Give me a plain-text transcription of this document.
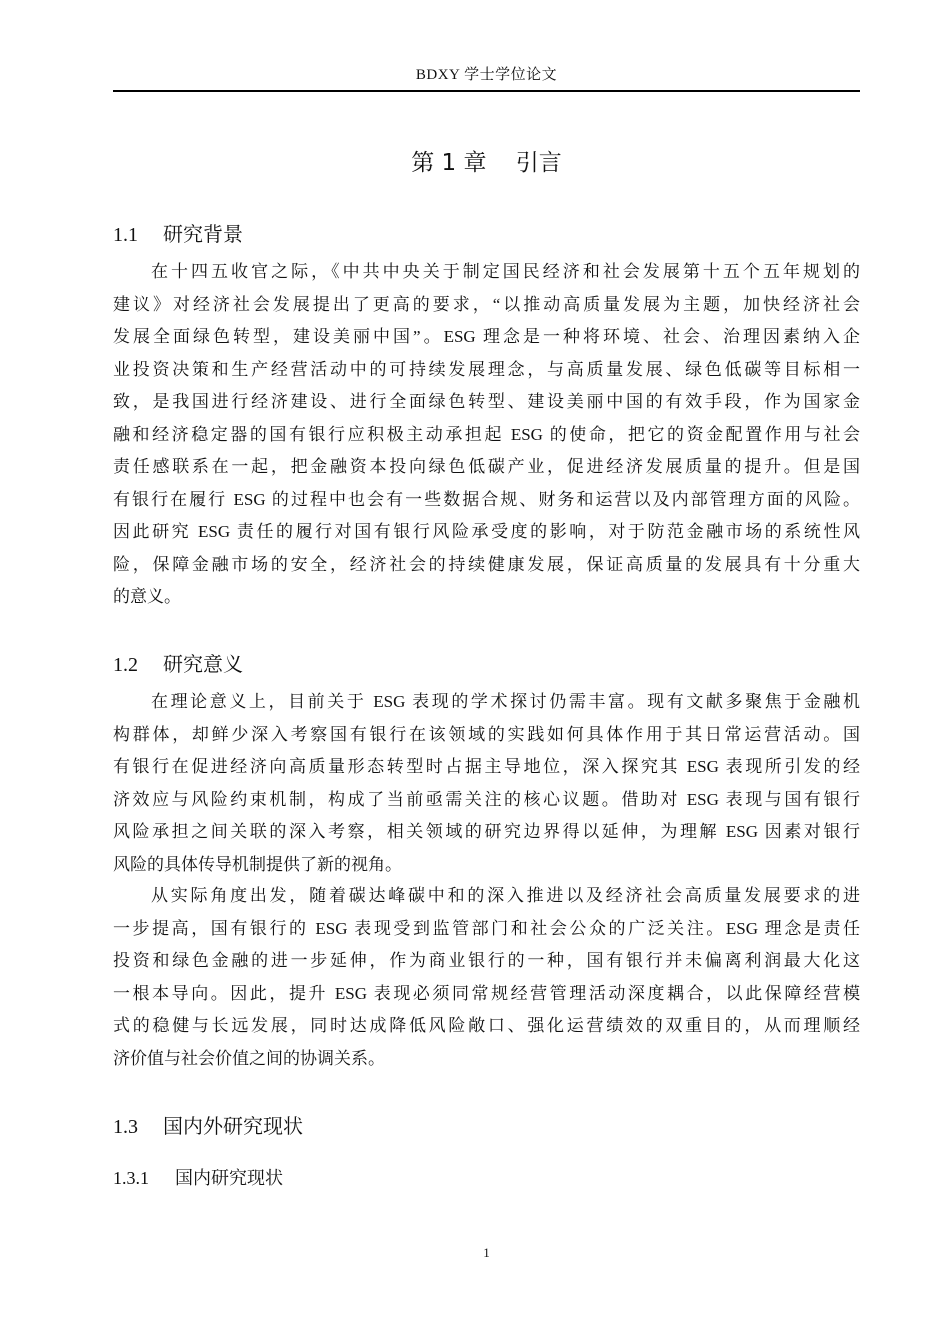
BDXY 学士学位论文
第 1 章    引言
1.1 研究背景
在十四五收官之际，《中共中央关于制定国民经济和社会发展第十五个五年规划的
建议》对经济社会发展提出了更高的要求，“以推动高质量发展为主题，加快经济社会
发展全面绿色转型，建设美丽中国”。ESG 理念是一种将环境、社会、治理因素纳入企
业投资决策和生产经营活动中的可持续发展理念，与高质量发展、绿色低碳等目标相一
致，是我国进行经济建设、进行全面绿色转型、建设美丽中国的有效手段，作为国家金
融和经济稳定器的国有银行应积极主动承担起 ESG 的使命，把它的资金配置作用与社会
责任感联系在一起，把金融资本投向绿色低碳产业，促进经济发展质量的提升。但是国
有银行在履行 ESG 的过程中也会有一些数据合规、财务和运营以及内部管理方面的风险。
因此研究 ESG 责任的履行对国有银行风险承受度的影响，对于防范金融市场的系统性风
险，保障金融市场的安全，经济社会的持续健康发展，保证高质量的发展具有十分重大
的意义。
1.2 研究意义
在理论意义上，目前关于 ESG 表现的学术探讨仍需丰富。现有文献多聚焦于金融机
构群体，却鲜少深入考察国有银行在该领域的实践如何具体作用于其日常运营活动。国
有银行在促进经济向高质量形态转型时占据主导地位，深入探究其 ESG 表现所引发的经
济效应与风险约束机制，构成了当前亟需关注的核心议题。借助对 ESG 表现与国有银行
风险承担之间关联的深入考察，相关领域的研究边界得以延伸，为理解 ESG 因素对银行
风险的具体传导机制提供了新的视角。
从实际角度出发，随着碳达峰碳中和的深入推进以及经济社会高质量发展要求的进
一步提高，国有银行的 ESG 表现受到监管部门和社会公众的广泛关注。ESG 理念是责任
投资和绿色金融的进一步延伸，作为商业银行的一种，国有银行并未偏离利润最大化这
一根本导向。因此，提升 ESG 表现必须同常规经营管理活动深度耦合，以此保障经营模
式的稳健与长远发展，同时达成降低风险敞口、强化运营绩效的双重目的，从而理顺经
济价值与社会价值之间的协调关系。
1.3 国内外研究现状
1.3.1 国内研究现状
1
